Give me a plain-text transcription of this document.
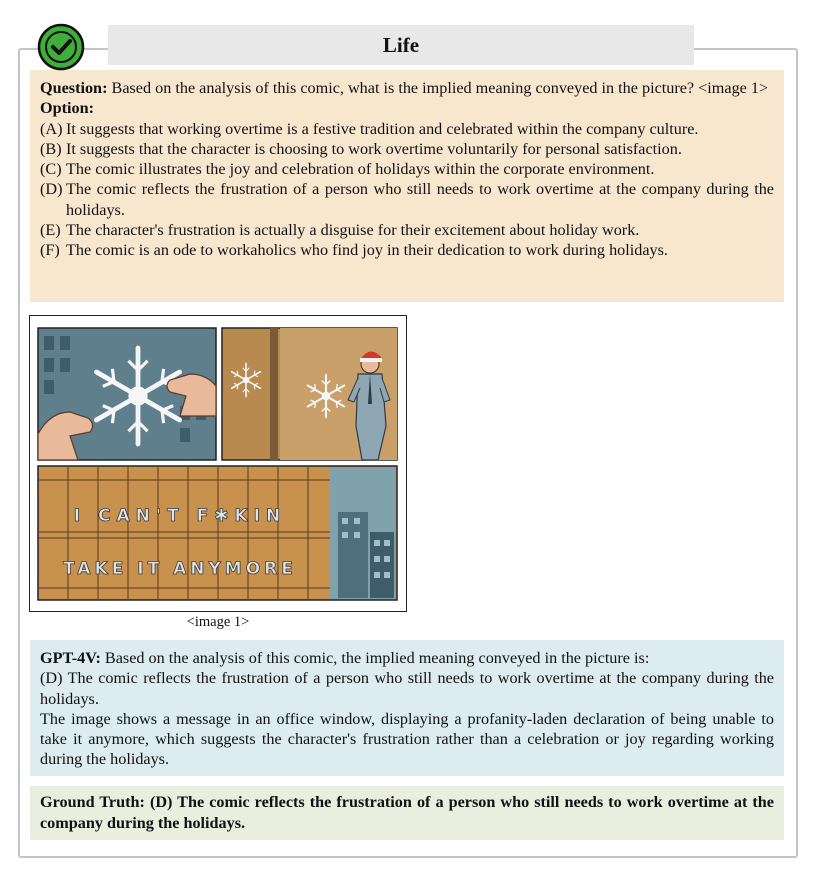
Life
Question: Based on the analysis of this comic, what is the implied meaning conveyed in the picture? <image 1>
Option:
(A) It suggests that working overtime is a festive tradition and celebrated within the company culture.
(B) It suggests that the character is choosing to work overtime voluntarily for personal satisfaction.
(C) The comic illustrates the joy and celebration of holidays within the corporate environment.
(D) The comic reflects the frustration of a person who still needs to work overtime at the company during the holidays.
(E) The character's frustration is actually a disguise for their excitement about holiday work.
(F) The comic is an ode to workaholics who find joy in their dedication to work during holidays.
I CAN'T F✱KIN
TAKE IT ANYMORE
<image 1>

GPT-4V: Based on the analysis of this comic, the implied meaning conveyed in the picture is:

(D) The comic reflects the frustration of a person who still needs to work overtime at the company during the holidays.

The image shows a message in an office window, displaying a profanity-laden declaration of being unable to take it anymore, which suggests the character's frustration rather than a celebration or joy regarding working during the holidays.

Ground Truth: (D) The comic reflects the frustration of a person who still needs to work overtime at the company during the holidays.
